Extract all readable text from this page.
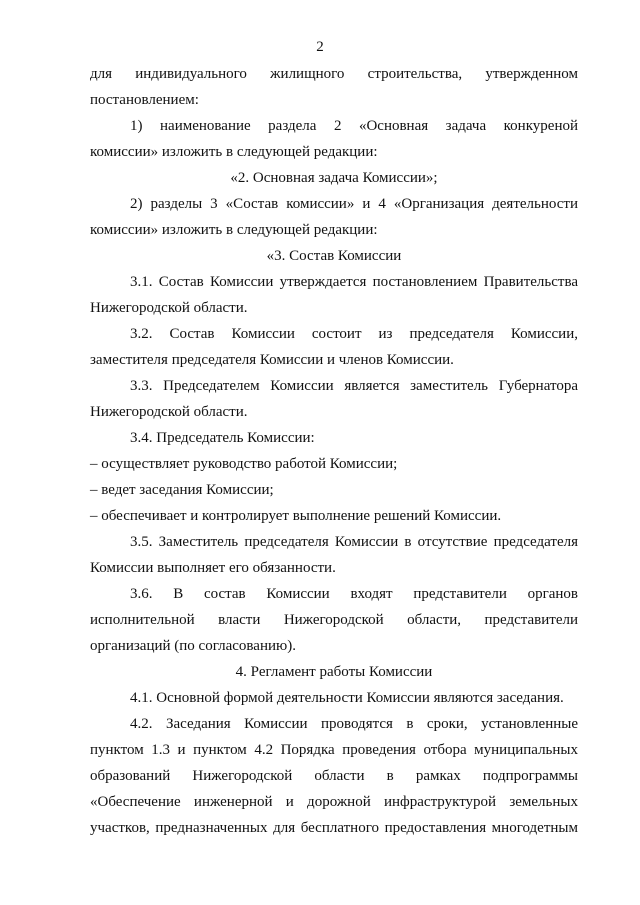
2

для индивидуального жилищного строительства, утвержденном

постановлением:

1) наименование раздела 2 «Основная задача конкуреной

комиссии» изложить в следующей редакции:

«2. Основная задача Комиссии»;

2) разделы 3 «Состав комиссии» и 4 «Организация деятельности

комиссии» изложить в следующей редакции:

«3. Состав Комиссии

3.1. Состав Комиссии утверждается постановлением Правительства

Нижегородской области.

3.2. Состав Комиссии состоит из председателя Комиссии,

заместителя председателя Комиссии и членов Комиссии.

3.3. Председателем Комиссии является заместитель Губернатора

Нижегородской области.

3.4. Председатель Комиссии:

– осуществляет руководство работой Комиссии;

– ведет заседания Комиссии;

– обеспечивает и контролирует выполнение решений Комиссии.

3.5. Заместитель председателя Комиссии в отсутствие председателя

Комиссии выполняет его обязанности.

3.6. В состав Комиссии входят представители органов

исполнительной власти Нижегородской области, представители

организаций (по согласованию).

4. Регламент работы Комиссии

4.1. Основной формой деятельности Комиссии являются заседания.

4.2. Заседания Комиссии проводятся в сроки, установленные

пунктом 1.3 и пунктом 4.2 Порядка проведения отбора муниципальных

образований Нижегородской области в рамках подпрограммы

«Обеспечение инженерной и дорожной инфраструктурой земельных

участков, предназначенных для бесплатного предоставления многодетным
